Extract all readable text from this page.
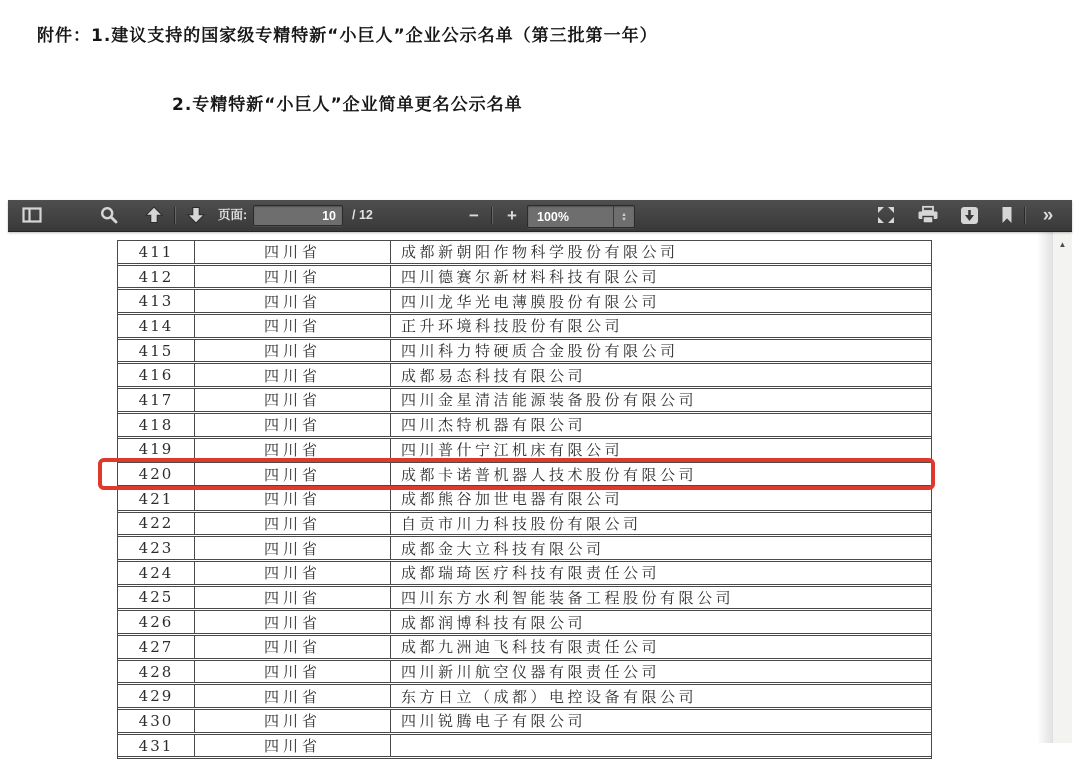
附件：1.建议支持的国家级专精特新“小巨人”企业公示名单（第三批第一年）
2.专精特新“小巨人”企业简单更名公示名单
页面:
10	/ 12	− +	100%	▴
▾	»
411	四川省	成都新朝阳作物科学股份有限公司
412	四川省	四川德赛尔新材料科技有限公司
413	四川省	四川龙华光电薄膜股份有限公司
414	四川省	正升环境科技股份有限公司
415	四川省	四川科力特硬质合金股份有限公司
416	四川省	成都易态科技有限公司
417	四川省	四川金星清洁能源装备股份有限公司
418	四川省	四川杰特机器有限公司
419	四川省	四川普什宁江机床有限公司
420	四川省	成都卡诺普机器人技术股份有限公司
421	四川省	成都熊谷加世电器有限公司
422	四川省	自贡市川力科技股份有限公司
423	四川省	成都金大立科技有限公司
424	四川省	成都瑞琦医疗科技有限责任公司
425	四川省	四川东方水利智能装备工程股份有限公司
426	四川省	成都润博科技有限公司
427	四川省	成都九洲迪飞科技有限责任公司
428	四川省	四川新川航空仪器有限责任公司
429	四川省	东方日立（成都）电控设备有限公司
430	四川省	四川锐腾电子有限公司
431	四川省
▲
